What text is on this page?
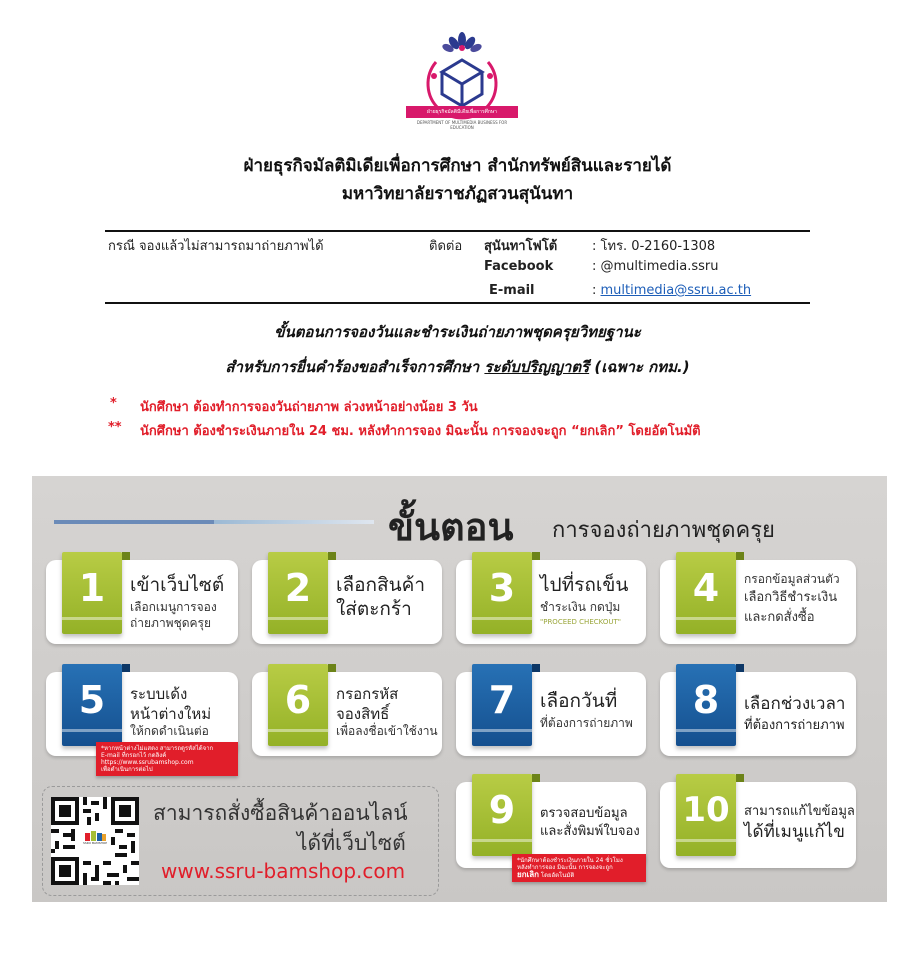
ฝ่ายธุรกิจมัลติมีเดียเพื่อการศึกษา
DEPARTMENT OF MULTIMEDIA BUSINESS FOR EDUCATION
ฝ่ายธุรกิจมัลติมิเดียเพื่อการศึกษา สำนักทรัพย์สินและรายได้
มหาวิทยาลัยราชภัฏสวนสุนันทา
กรณี จองแล้วไม่สามารถมาถ่ายภาพได้	ติดต่อ สุนันทาโฟโต้	: โทร. 0-2160-1308
Facebook	: @multimedia.ssru
E-mail	: multimedia@ssru.ac.th
ขั้นตอนการจองวันและชำระเงินถ่ายภาพชุดครุยวิทยฐานะ
สำหรับการยื่นคำร้องขอสำเร็จการศึกษา ระดับปริญญาตรี (เฉพาะ กทม.)
* นักศึกษา ต้องทำการจองวันถ่ายภาพ ล่วงหน้าอย่างน้อย 3 วัน
** นักศึกษา ต้องชำระเงินภายใน 24 ชม. หลังทำการจอง มิฉะนั้น การจองจะถูก “ยกเลิก” โดยอัตโนมัติ
ขั้นตอน การจองถ่ายภาพชุดครุย
1	เข้าเว็บไซต์
เลือกเมนูการจอง
ถ่ายภาพชุดครุย
2	เลือกสินค้า
ใส่ตะกร้า	3	ไปที่รถเข็น
ชำระเงิน กดปุ่ม
"PROCEED CHECKOUT"
4	กรอกข้อมูลส่วนตัว
เลือกวิธีชำระเงิน
และกดสั่งซื้อ
5	ระบบเด้ง
หน้าต่างใหม่
ให้กดดำเนินต่อ
*หากหน้าต่างไม่แสดง สามารถดูรหัสได้จาก
E-mail ที่กรอกไว้ กดลิงค์
https://www.ssrubamshop.com
เพื่อดำเนินการต่อไป
6	กรอกรหัส
จองสิทธิ์
เพื่อลงชื่อเข้าใช้งาน
7	เลือกวันที่
ที่ต้องการถ่ายภาพ
8	เลือกช่วงเวลา
ที่ต้องการถ่ายภาพ
SSRU BAMSHOP
สามารถสั่งซื้อสินค้าออนไลน์
ได้ที่เว็บไซต์
www.ssru-bamshop.com
9	ตรวจสอบข้อมูล
และสั่งพิมพ์ใบจอง
*นักศึกษาต้องชำระเงินภายใน 24 ชั่วโมง
หลังทำการจอง มิฉะนั้น การจองจะถูก
ยกเลิก โดยอัตโนมัติ
10	สามารถแก้ไขข้อมูล
ได้ที่เมนูแก้ไข
